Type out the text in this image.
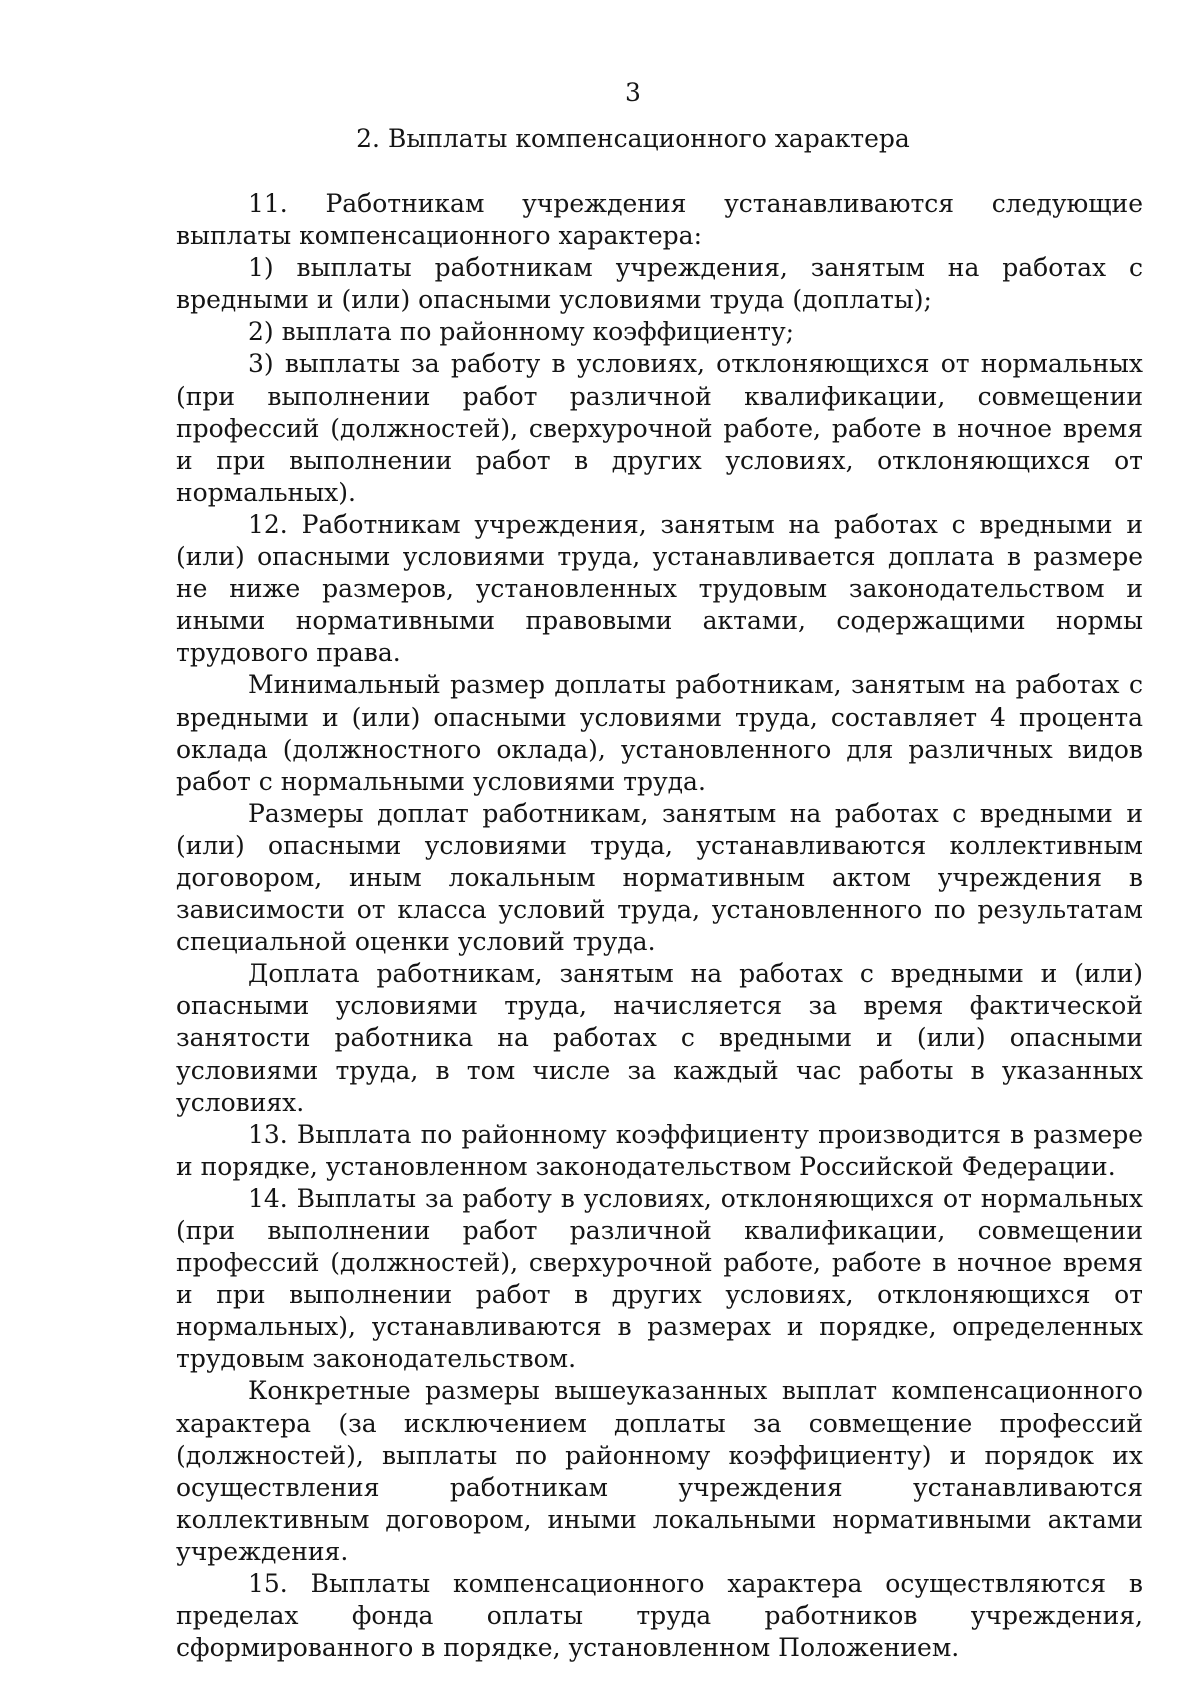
3
2. Выплаты компенсационного характера

11. Работникам учреждения устанавливаются следующие выплаты компенсационного характера:

1) выплаты работникам учреждения, занятым на работах с вредными и (или) опасными условиями труда (доплаты);

2) выплата по районному коэффициенту;

3) выплаты за работу в условиях, отклоняющихся от нормальных (при выполнении работ различной квалификации, совмещении профессий (должностей), сверхурочной работе, работе в ночное время и при выполнении работ в других условиях, отклоняющихся от нормальных).

12. Работникам учреждения, занятым на работах с вредными и (или) опасными условиями труда, устанавливается доплата в размере не ниже размеров, установленных трудовым законодательством и иными нормативными правовыми актами, содержащими нормы трудового права.

Минимальный размер доплаты работникам, занятым на работах с вредными и (или) опасными условиями труда, составляет 4 процента оклада (должностного оклада), установленного для различных видов работ с нормальными условиями труда.

Размеры доплат работникам, занятым на работах с вредными и (или) опасными условиями труда, устанавливаются коллективным договором, иным локальным нормативным актом учреждения в зависимости от класса условий труда, установленного по результатам специальной оценки условий труда.

Доплата работникам, занятым на работах с вредными и (или) опасными условиями труда, начисляется за время фактической занятости работника на работах с вредными и (или) опасными условиями труда, в том числе за каждый час работы в указанных условиях.

13. Выплата по районному коэффициенту производится в размере и порядке, установленном законодательством Российской Федерации.

14. Выплаты за работу в условиях, отклоняющихся от нормальных (при выполнении работ различной квалификации, совмещении профессий (должностей), сверхурочной работе, работе в ночное время и при выполнении работ в других условиях, отклоняющихся от нормальных), устанавливаются в размерах и порядке, определенных трудовым законодательством.

Конкретные размеры вышеуказанных выплат компенсационного характера (за исключением доплаты за совмещение профессий (должностей), выплаты по районному коэффициенту) и порядок их осуществления работникам учреждения устанавливаются коллективным договором, иными локальными нормативными актами учреждения.

15. Выплаты компенсационного характера осуществляются в пределах фонда оплаты труда работников учреждения, сформированного в порядке, установленном Положением.
